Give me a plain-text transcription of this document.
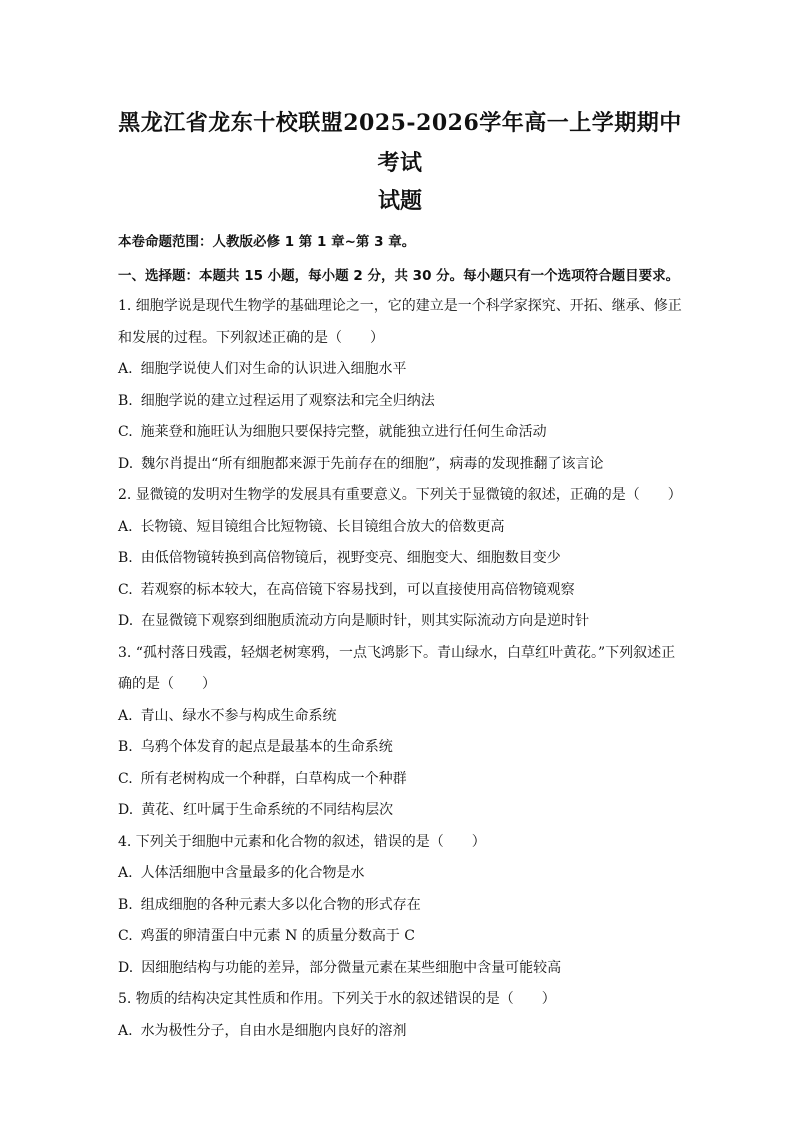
黑龙江省龙东十校联盟2025-2026学年高一上学期期中考试
试题

本卷命题范围：人教版必修 1 第 1 章~第 3 章。

一、选择题：本题共 15 小题，每小题 2 分，共 30 分。每小题只有一个选项符合题目要求。

1. 细胞学说是现代生物学的基础理论之一，它的建立是一个科学家探究、开拓、继承、修正和发展的过程。下列叙述正确的是（　　）

A. 细胞学说使人们对生命的认识进入细胞水平

B. 细胞学说的建立过程运用了观察法和完全归纳法

C. 施莱登和施旺认为细胞只要保持完整，就能独立进行任何生命活动

D. 魏尔肖提出“所有细胞都来源于先前存在的细胞”，病毒的发现推翻了该言论

2. 显微镜的发明对生物学的发展具有重要意义。下列关于显微镜的叙述，正确的是（　　）

A. 长物镜、短目镜组合比短物镜、长目镜组合放大的倍数更高

B. 由低倍物镜转换到高倍物镜后，视野变亮、细胞变大、细胞数目变少

C. 若观察的标本较大，在高倍镜下容易找到，可以直接使用高倍物镜观察

D. 在显微镜下观察到细胞质流动方向是顺时针，则其实际流动方向是逆时针

3. “孤村落日残霞，轻烟老树寒鸦，一点飞鸿影下。青山绿水，白草红叶黄花。”下列叙述正确的是（　　）

A. 青山、绿水不参与构成生命系统

B. 乌鸦个体发育的起点是最基本的生命系统

C. 所有老树构成一个种群，白草构成一个种群

D. 黄花、红叶属于生命系统的不同结构层次

4. 下列关于细胞中元素和化合物的叙述，错误的是（　　）

A. 人体活细胞中含量最多的化合物是水

B. 组成细胞的各种元素大多以化合物的形式存在

C. 鸡蛋的卵清蛋白中元素 N 的质量分数高于 C

D. 因细胞结构与功能的差异，部分微量元素在某些细胞中含量可能较高

5. 物质的结构决定其性质和作用。下列关于水的叙述错误的是（　　）

A. 水为极性分子，自由水是细胞内良好的溶剂
